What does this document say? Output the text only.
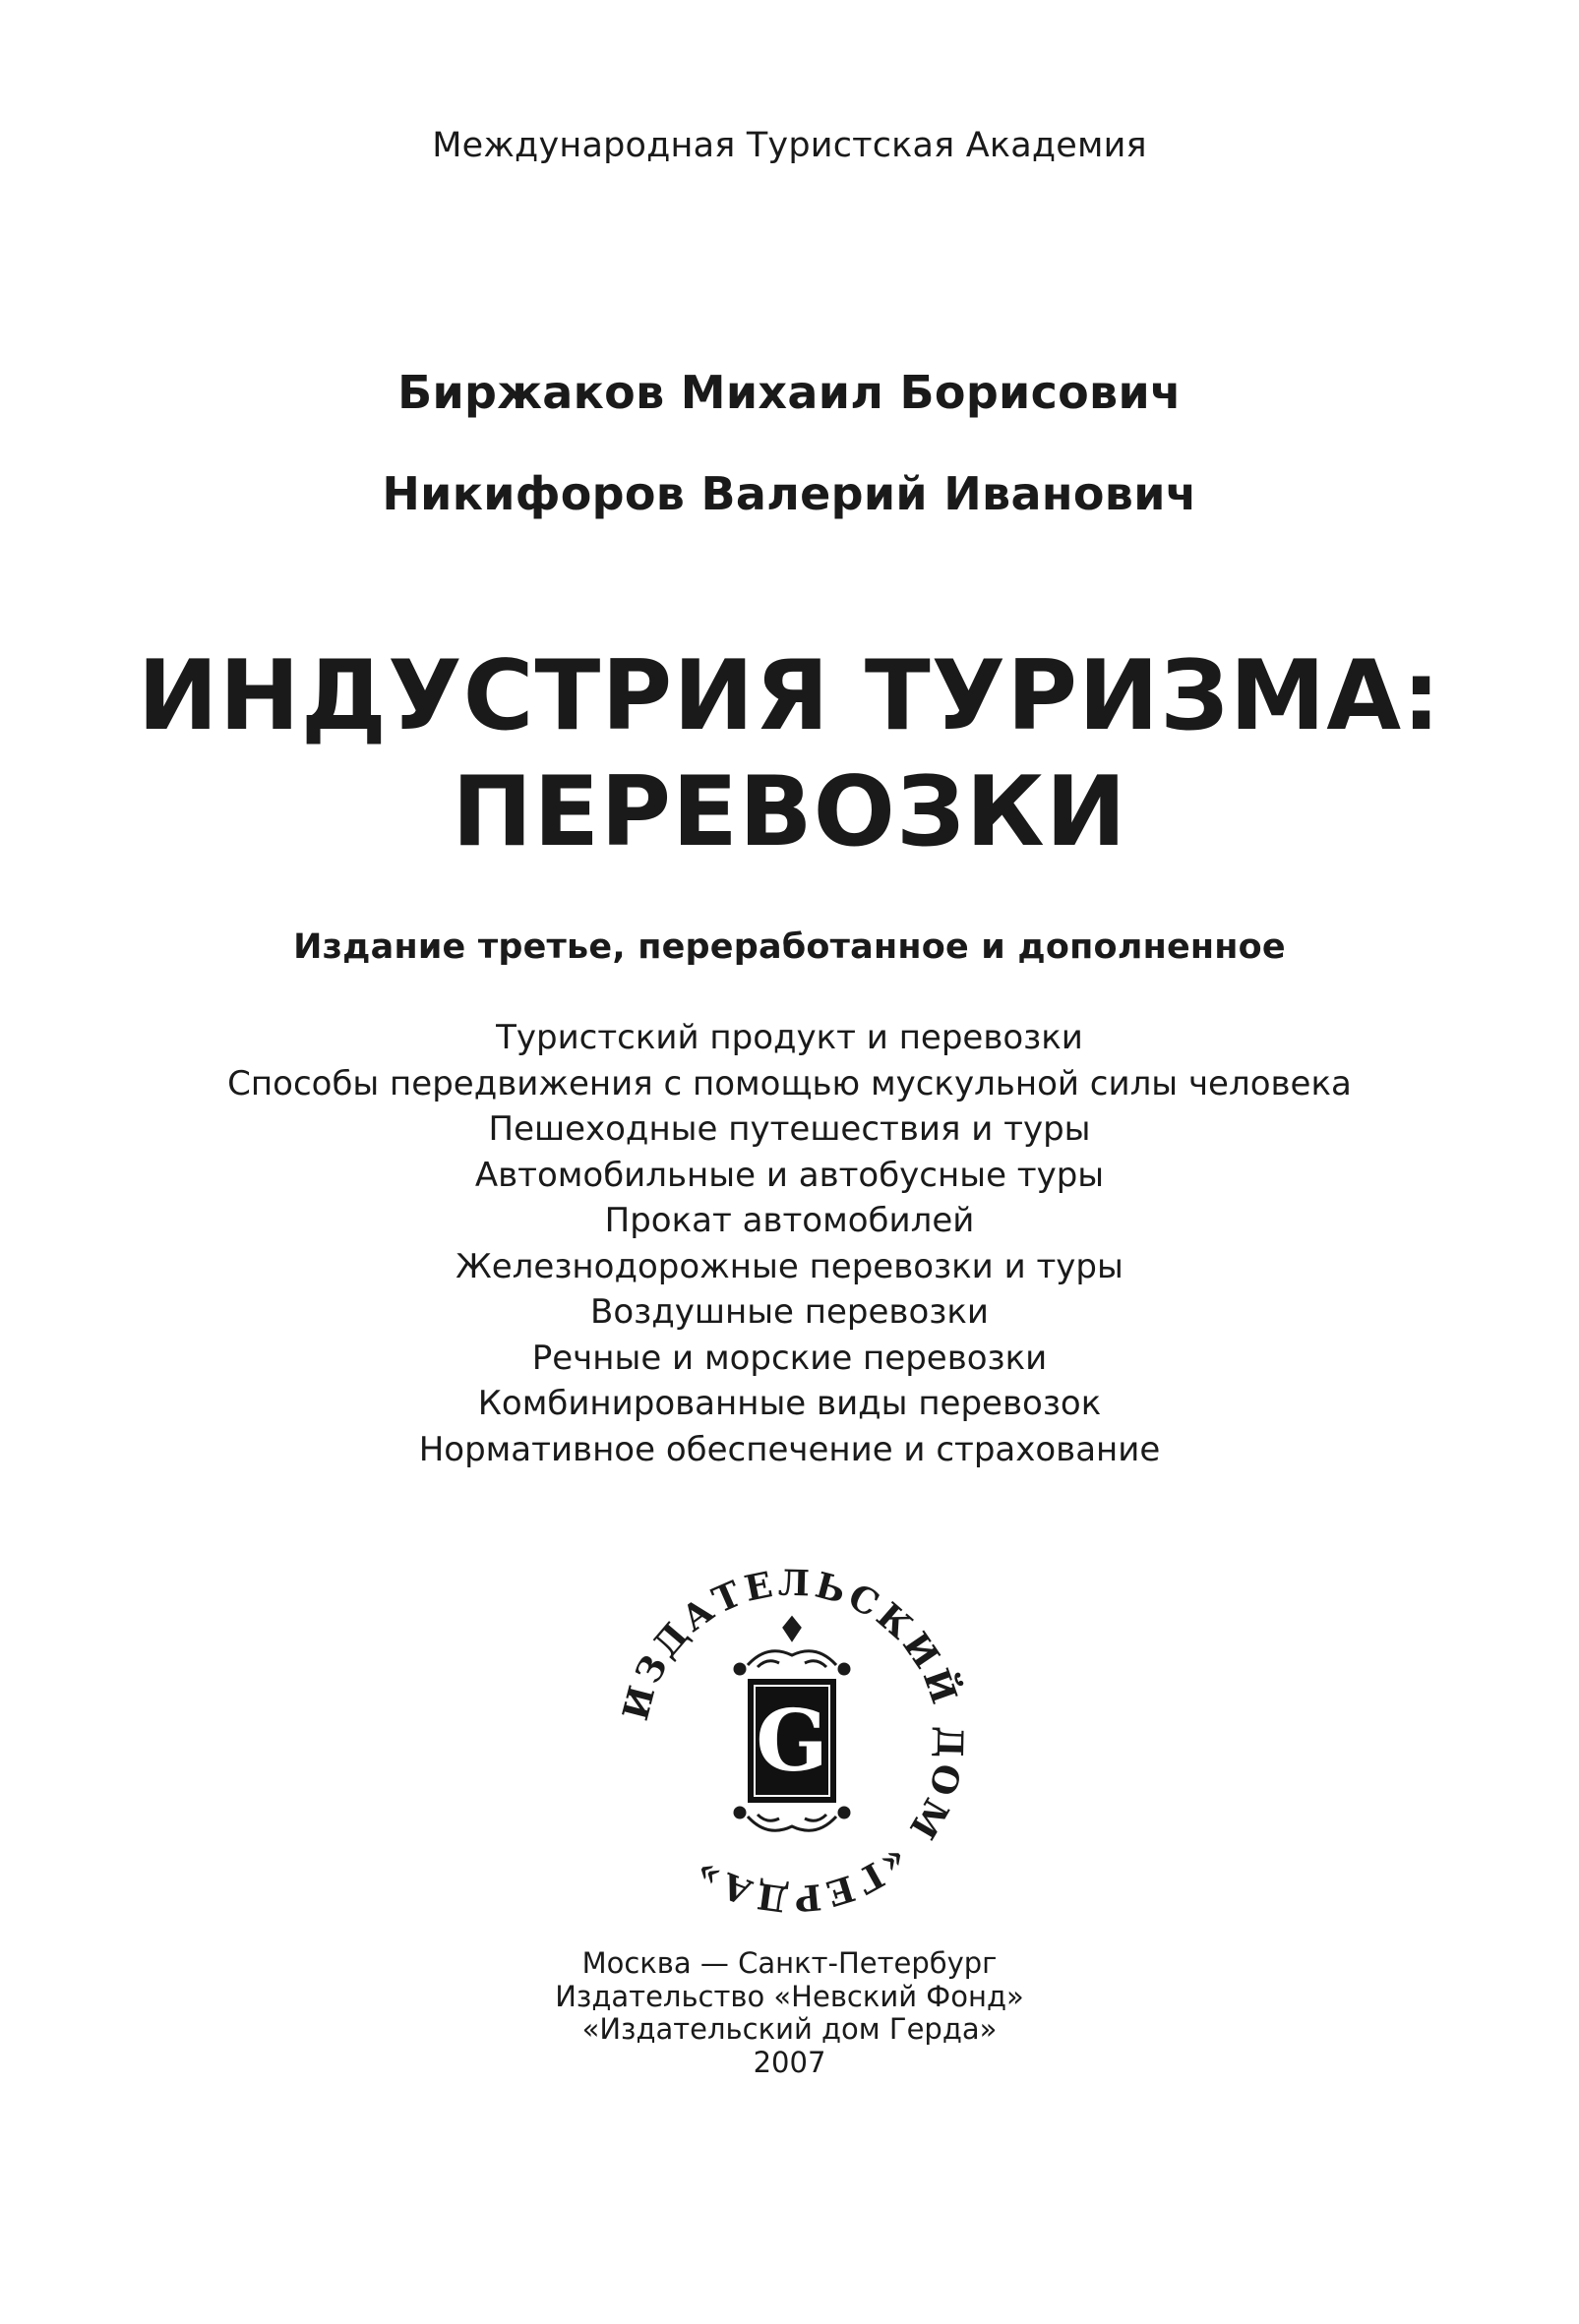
Международная Туристская Академия
Биржаков Михаил Борисович
Никифоров Валерий Иванович
ИНДУСТРИЯ ТУРИЗМА:
ПЕРЕВОЗКИ
Издание третье, переработанное и дополненное
Туристский продукт и перевозки
Способы передвижения с помощью мускульной силы человека
Пешеходные путешествия и туры
Автомобильные и автобусные туры
Прокат автомобилей
Железнодорожные перевозки и туры
Воздушные перевозки
Речные и морские перевозки
Комбинированные виды перевозок
Нормативное обеспечение и страхование
ИЗДАТЕЛЬСКИЙ ДОМ «ГЕРДА»
G
Москва — Санкт-Петербург
Издательство «Невский Фонд»
«Издательский дом Герда»
2007
